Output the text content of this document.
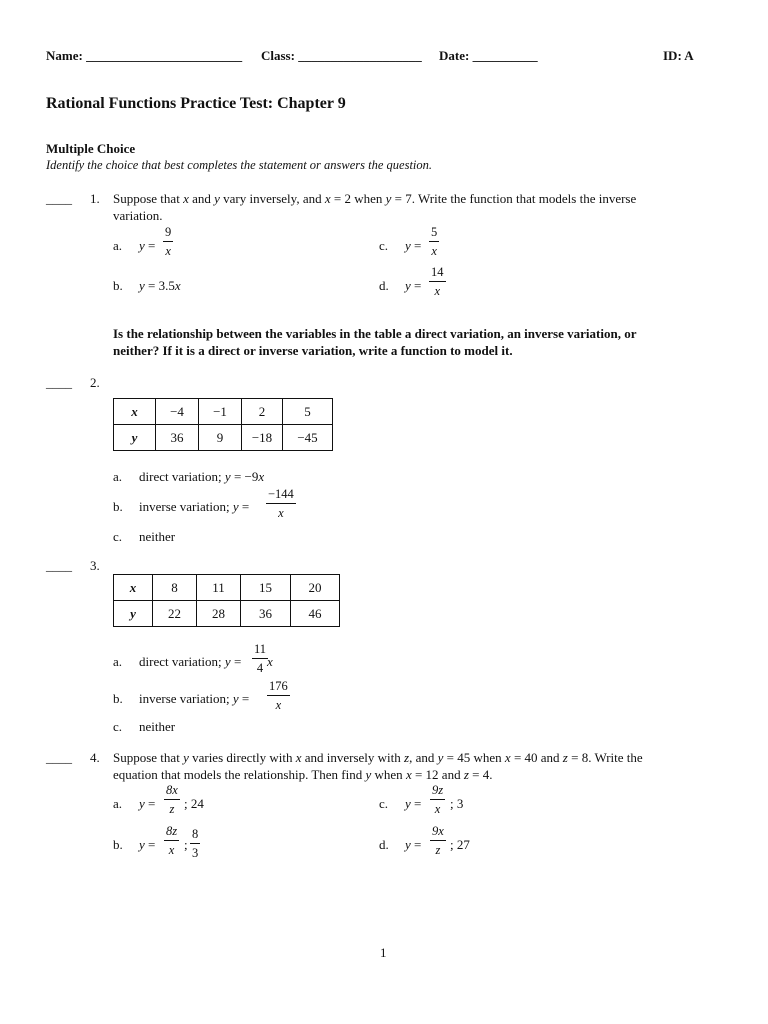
Name: ________________________ Class: ___________________ Date: __________	ID: A
Rational Functions Practice Test: Chapter 9
Multiple Choice
Identify the choice that best completes the statement or answers the question.
____ 1. Suppose that x and y vary inversely, and x = 2 when y = 7. Write the function that models the inverse
variation.
a. y =
9
x	c. y =
5
x
b. y = 3.5x	d. y =
14
x
Is the relationship between the variables in the table a direct variation, an inverse variation, or
neither? If it is a direct or inverse variation, write a function to model it.
____ 2.
x	−4	−1	2	5
y	36	9	−18	−45
a. direct variation; y = −9x
b. inverse variation; y =
−144
x
c. neither
____ 3.
x	8	11	15	20
y	22	28	36	46
a. direct variation; y =
11
4 x
b. inverse variation; y =
176
x
c. neither
____ 4. Suppose that y varies directly with x and inversely with z, and y = 45 when x = 40 and z = 8. Write the
equation that models the relationship. Then find y when x = 12 and z = 4.
a. y =
8x
z ; 24	c. y =
9z
x ; 3
b. y =
8z
x ;
8
3
d. y =
9x
z ; 27
1
